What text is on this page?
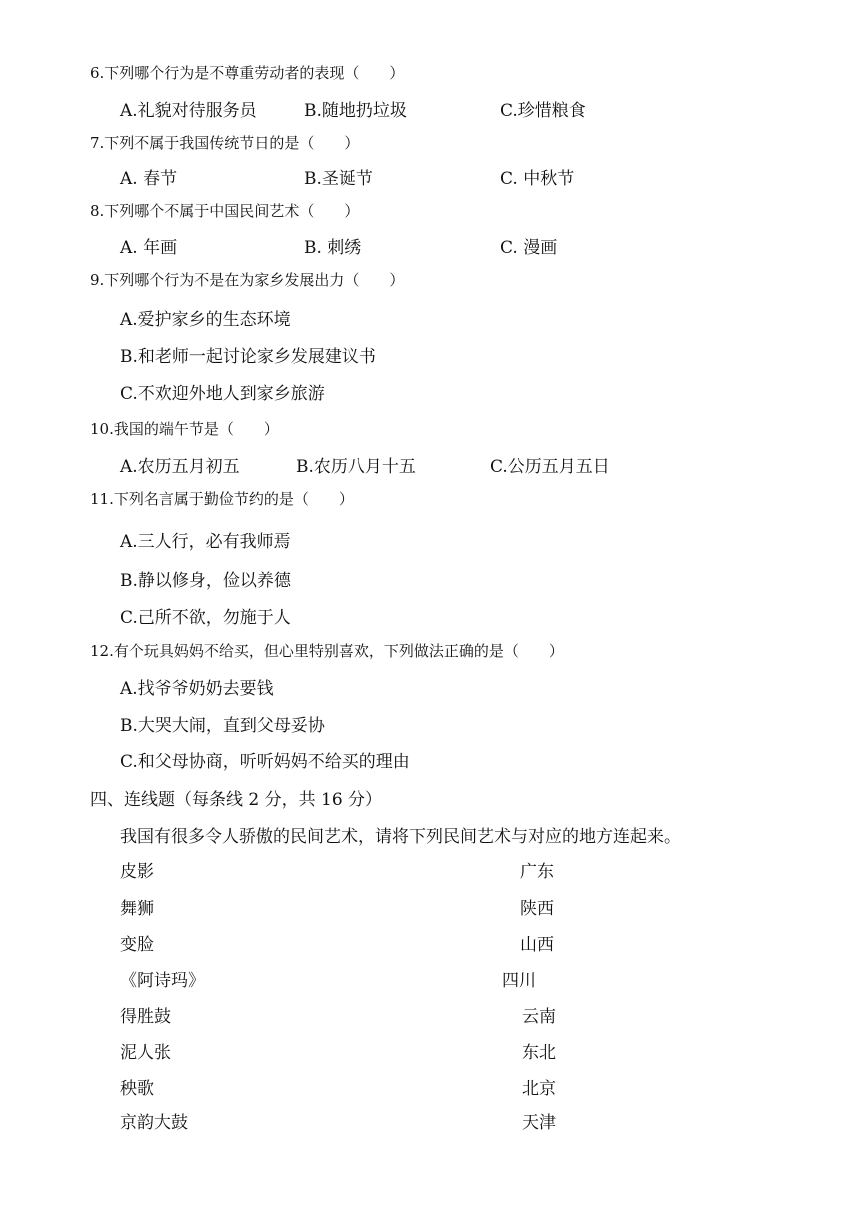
6.下列哪个行为是不尊重劳动者的表现（　　）
A.礼貌对待服务员	B.随地扔垃圾	C.珍惜粮食
7.下列不属于我国传统节日的是（　　）
A. 春节	B.圣诞节	C. 中秋节
8.下列哪个不属于中国民间艺术（　　）
A. 年画	B. 刺绣	C. 漫画
9.下列哪个行为不是在为家乡发展出力（　　）
A.爱护家乡的生态环境
B.和老师一起讨论家乡发展建议书
C.不欢迎外地人到家乡旅游
10.我国的端午节是（　　）
A.农历五月初五	B.农历八月十五	C.公历五月五日
11.下列名言属于勤俭节约的是（　　）
A.三人行，必有我师焉
B.静以修身，俭以养德
C.己所不欲，勿施于人
12.有个玩具妈妈不给买，但心里特别喜欢，下列做法正确的是（　　）
A.找爷爷奶奶去要钱
B.大哭大闹，直到父母妥协
C.和父母协商，听听妈妈不给买的理由
四、连线题（每条线 2 分，共 16 分）
我国有很多令人骄傲的民间艺术，请将下列民间艺术与对应的地方连起来。
皮影	广东
舞狮	陕西
变脸	山西
《阿诗玛》	四川
得胜鼓	云南
泥人张	东北
秧歌	北京
京韵大鼓	天津
